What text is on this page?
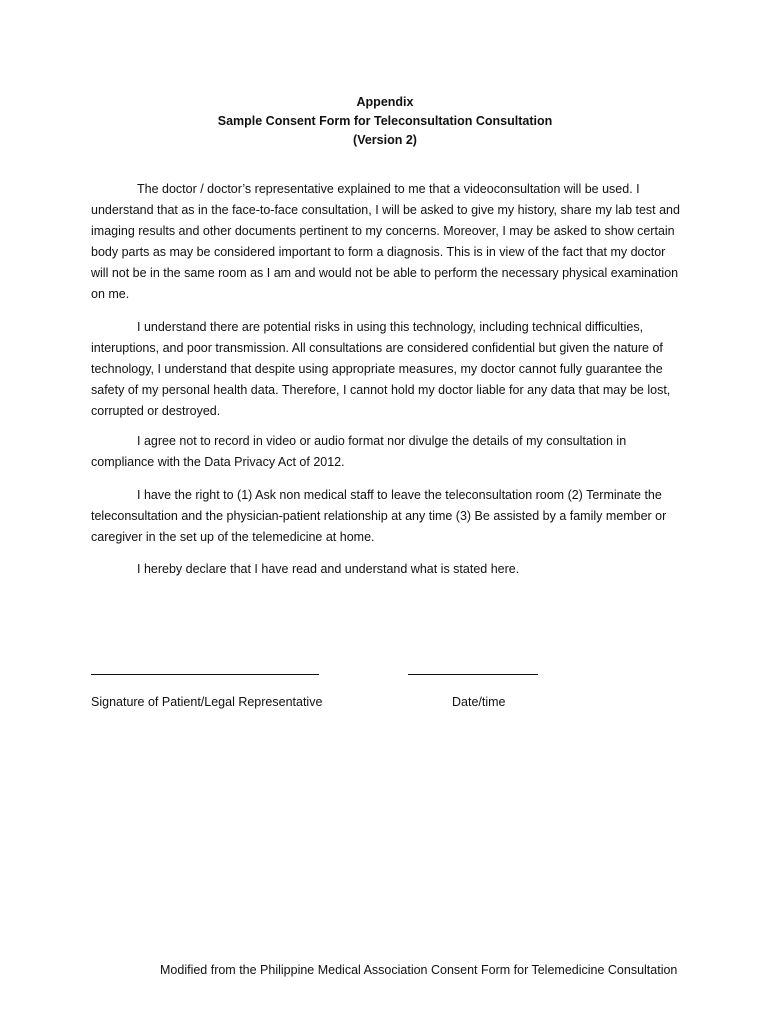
Appendix
Sample Consent Form for Teleconsultation Consultation
(Version 2)

The doctor / doctor’s representative explained to me that a videoconsultation will be used. I understand that as in the face-to-face consultation, I will be asked to give my history, share my lab test and imaging results and other documents pertinent to my concerns. Moreover, I may be asked to show certain body parts as may be considered important to form a diagnosis. This is in view of the fact that my doctor will not be in the same room as I am and would not be able to perform the necessary physical examination on me.

I understand there are potential risks in using this technology, including technical difficulties, interuptions, and poor transmission. All consultations are considered confidential but given the nature of technology, I understand that despite using appropriate measures, my doctor cannot fully guarantee the safety of my personal health data. Therefore, I cannot hold my doctor liable for any data that may be lost, corrupted or destroyed.

I agree not to record in video or audio format nor divulge the details of my consultation in compliance with the Data Privacy Act of 2012.

I have the right to (1) Ask non medical staff to leave the teleconsultation room (2) Terminate the teleconsultation and the physician-patient relationship at any time (3) Be assisted by a family member or caregiver in the set up of the telemedicine at home.

I hereby declare that I have read and understand what is stated here.

Signature of Patient/Legal Representative	Date/time
Modified from the Philippine Medical Association Consent Form for Telemedicine Consultation
